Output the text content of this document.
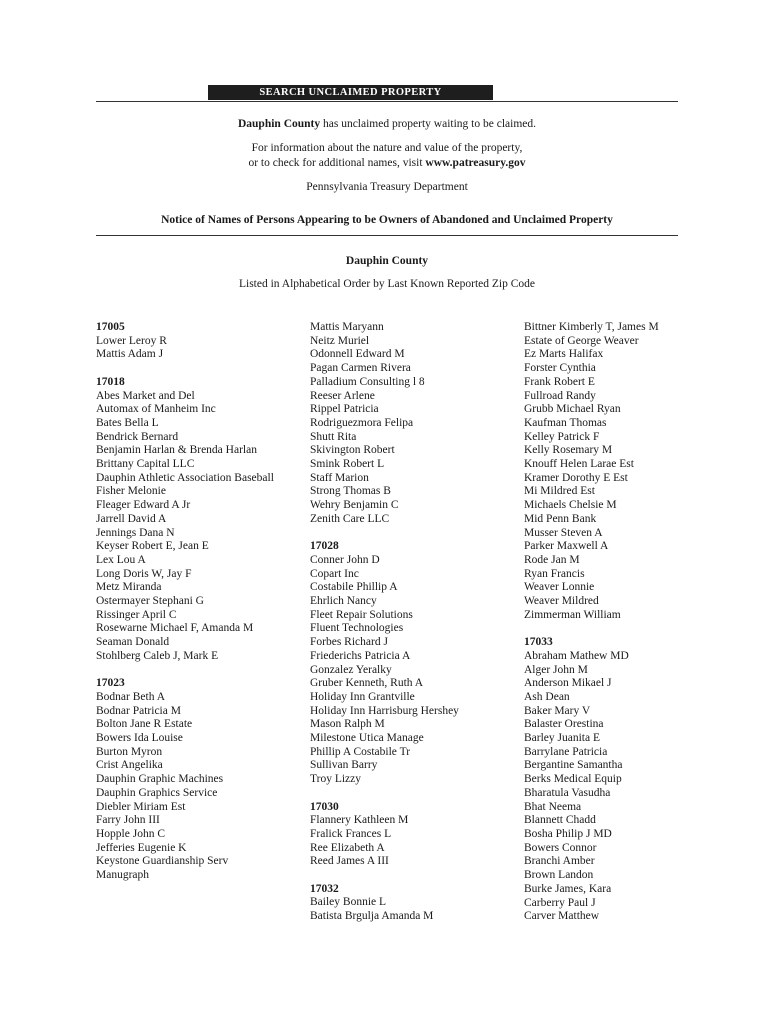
SEARCH UNCLAIMED PROPERTY
Dauphin County has unclaimed property waiting to be claimed.
For information about the nature and value of the property,
or to check for additional names, visit www.patreasury.gov
Pennsylvania Treasury Department
Notice of Names of Persons Appearing to be Owners of Abandoned and Unclaimed Property
Dauphin County
Listed in Alphabetical Order by Last Known Reported Zip Code
17005
Lower Leroy R
Mattis Adam J
17018
Abes Market and Del
Automax of Manheim Inc
Bates Bella L
Bendrick Bernard
Benjamin Harlan & Brenda Harlan
Brittany Capital LLC
Dauphin Athletic Association Baseball
Fisher Melonie
Fleager Edward A Jr
Jarrell David A
Jennings Dana N
Keyser Robert E, Jean E
Lex Lou A
Long Doris W, Jay F
Metz Miranda
Ostermayer Stephani G
Rissinger April C
Rosewarne Michael F, Amanda M
Seaman Donald
Stohlberg Caleb J, Mark E
17023
Bodnar Beth A
Bodnar Patricia M
Bolton Jane R Estate
Bowers Ida Louise
Burton Myron
Crist Angelika
Dauphin Graphic Machines
Dauphin Graphics Service
Diebler Miriam Est
Farry John III
Hopple John C
Jefferies Eugenie K
Keystone Guardianship Serv
Manugraph
Mattis Maryann
Neitz Muriel
Odonnell Edward M
Pagan Carmen Rivera
Palladium Consulting l 8
Reeser Arlene
Rippel Patricia
Rodriguezmora Felipa
Shutt Rita
Skivington Robert
Smink Robert L
Staff Marion
Strong Thomas B
Wehry Benjamin C
Zenith Care LLC
17028
Conner John D
Copart Inc
Costabile Phillip A
Ehrlich Nancy
Fleet Repair Solutions
Fluent Technologies
Forbes Richard J
Friederichs Patricia A
Gonzalez Yeralky
Gruber Kenneth, Ruth A
Holiday Inn Grantville
Holiday Inn Harrisburg Hershey
Mason Ralph M
Milestone Utica Manage
Phillip A Costabile Tr
Sullivan Barry
Troy Lizzy
17030
Flannery Kathleen M
Fralick Frances L
Ree Elizabeth A
Reed James A III
17032
Bailey Bonnie L
Batista Brgulja Amanda M
Bittner Kimberly T, James M
Estate of George Weaver
Ez Marts Halifax
Forster Cynthia
Frank Robert E
Fullroad Randy
Grubb Michael Ryan
Kaufman Thomas
Kelley Patrick F
Kelly Rosemary M
Knouff Helen Larae Est
Kramer Dorothy E Est
Mi Mildred Est
Michaels Chelsie M
Mid Penn Bank
Musser Steven A
Parker Maxwell A
Rode Jan M
Ryan Francis
Weaver Lonnie
Weaver Mildred
Zimmerman William
17033
Abraham Mathew MD
Alger John M
Anderson Mikael J
Ash Dean
Baker Mary V
Balaster Orestina
Barley Juanita E
Barrylane Patricia
Bergantine Samantha
Berks Medical Equip
Bharatula Vasudha
Bhat Neema
Blannett Chadd
Bosha Philip J MD
Bowers Connor
Branchi Amber
Brown Landon
Burke James, Kara
Carberry Paul J
Carver Matthew
